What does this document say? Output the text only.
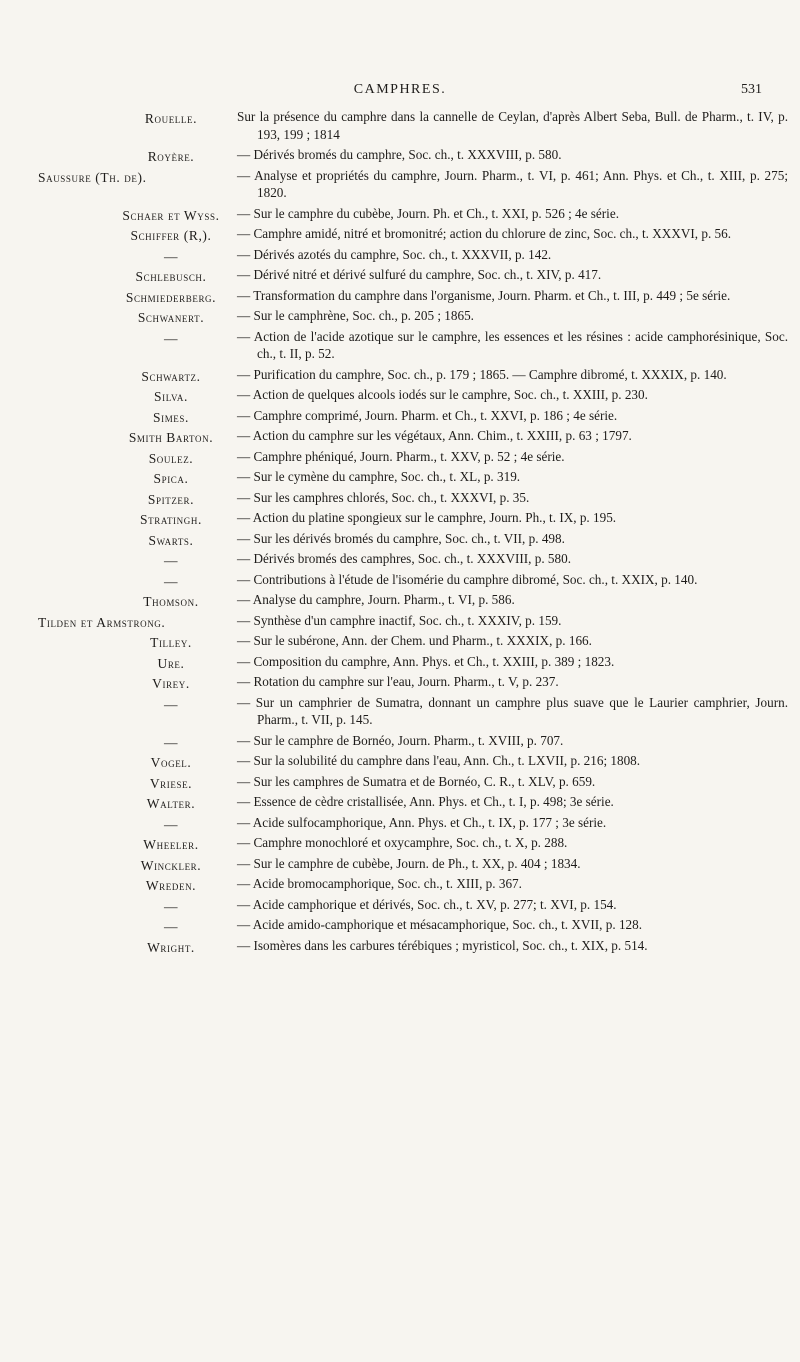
CAMPHRES.	531
Rouelle.	Sur la présence du camphre dans la cannelle de Ceylan, d'après Albert Seba, Bull. de Pharm., t. IV, p. 193, 199 ; 1814
Royère.	— Dérivés bromés du camphre, Soc. ch., t. XXXVIII, p. 580.
Saussure (Th. de).	— Analyse et propriétés du camphre, Journ. Pharm., t. VI, p. 461; Ann. Phys. et Ch., t. XIII, p. 275; 1820.
Schaer et Wyss.	— Sur le camphre du cubèbe, Journ. Ph. et Ch., t. XXI, p. 526 ; 4e série.
Schiffer (R,).	— Camphre amidé, nitré et bromonitré; action du chlorure de zinc, Soc. ch., t. XXXVI, p. 56.
—	— Dérivés azotés du camphre, Soc. ch., t. XXXVII, p. 142.
Schlebusch.	— Dérivé nitré et dérivé sulfuré du camphre, Soc. ch., t. XIV, p. 417.
Schmiederberg.	— Transformation du camphre dans l'organisme, Journ. Pharm. et Ch., t. III, p. 449 ; 5e série.
Schwanert.	— Sur le camphrène, Soc. ch., p. 205 ; 1865.
—	— Action de l'acide azotique sur le camphre, les essences et les résines : acide camphorésinique, Soc. ch., t. II, p. 52.
Schwartz.	— Purification du camphre, Soc. ch., p. 179 ; 1865. — Camphre dibromé, t. XXXIX, p. 140.
Silva.	— Action de quelques alcools iodés sur le camphre, Soc. ch., t. XXIII, p. 230.
Simes.	— Camphre comprimé, Journ. Pharm. et Ch., t. XXVI, p. 186 ; 4e série.
Smith Barton.	— Action du camphre sur les végétaux, Ann. Chim., t. XXIII, p. 63 ; 1797.
Soulez.	— Camphre phéniqué, Journ. Pharm., t. XXV, p. 52 ; 4e série.
Spica.	— Sur le cymène du camphre, Soc. ch., t. XL, p. 319.
Spitzer.	— Sur les camphres chlorés, Soc. ch., t. XXXVI, p. 35.
Stratingh.	— Action du platine spongieux sur le camphre, Journ. Ph., t. IX, p. 195.
Swarts.	— Sur les dérivés bromés du camphre, Soc. ch., t. VII, p. 498.
—	— Dérivés bromés des camphres, Soc. ch., t. XXXVIII, p. 580.
—	— Contributions à l'étude de l'isomérie du camphre dibromé, Soc. ch., t. XXIX, p. 140.
Thomson.	— Analyse du camphre, Journ. Pharm., t. VI, p. 586.
Tilden et Armstrong.	— Synthèse d'un camphre inactif, Soc. ch., t. XXXIV, p. 159.
Tilley.	— Sur le subérone, Ann. der Chem. und Pharm., t. XXXIX, p. 166.
Ure.	— Composition du camphre, Ann. Phys. et Ch., t. XXIII, p. 389 ; 1823.
Virey.	— Rotation du camphre sur l'eau, Journ. Pharm., t. V, p. 237.
—	— Sur un camphrier de Sumatra, donnant un camphre plus suave que le Laurier camphrier, Journ. Pharm., t. VII, p. 145.
—	— Sur le camphre de Bornéo, Journ. Pharm., t. XVIII, p. 707.
Vogel.	— Sur la solubilité du camphre dans l'eau, Ann. Ch., t. LXVII, p. 216; 1808.
Vriese.	— Sur les camphres de Sumatra et de Bornéo, C. R., t. XLV, p. 659.
Walter.	— Essence de cèdre cristallisée, Ann. Phys. et Ch., t. I, p. 498; 3e série.
—	— Acide sulfocamphorique, Ann. Phys. et Ch., t. IX, p. 177 ; 3e série.
Wheeler.	— Camphre monochloré et oxycamphre, Soc. ch., t. X, p. 288.
Winckler.	— Sur le camphre de cubèbe, Journ. de Ph., t. XX, p. 404 ; 1834.
Wreden.	— Acide bromocamphorique, Soc. ch., t. XIII, p. 367.
—	— Acide camphorique et dérivés, Soc. ch., t. XV, p. 277; t. XVI, p. 154.
—	— Acide amido-camphorique et mésacamphorique, Soc. ch., t. XVII, p. 128.
Wright.	— Isomères dans les carbures térébiques ; myristicol, Soc. ch., t. XIX, p. 514.
